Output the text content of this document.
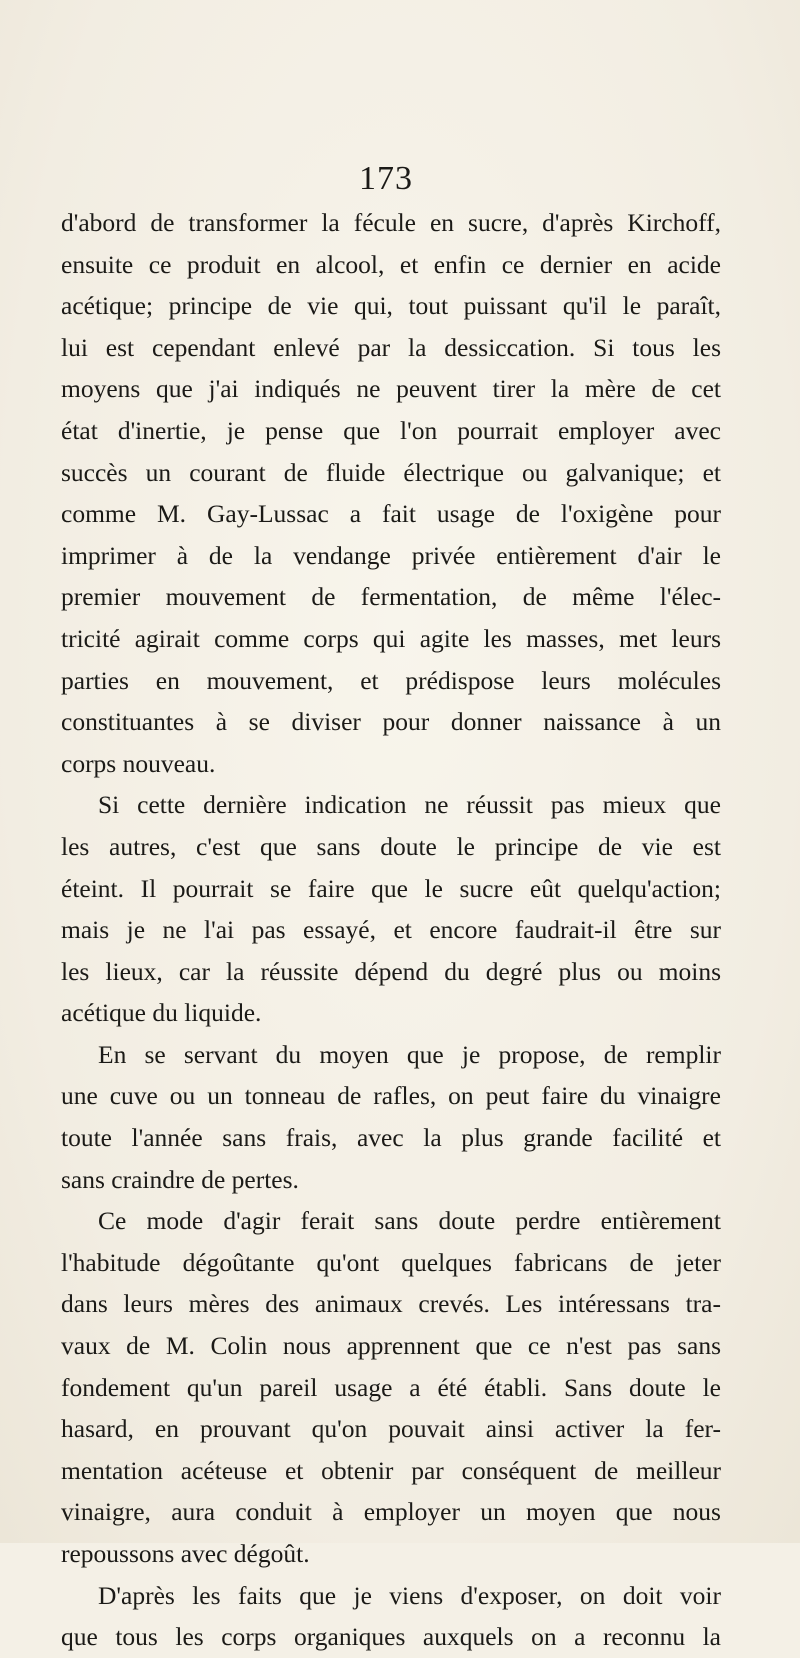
173
d'abord de transformer la fécule en sucre, d'après Kirchoff,
ensuite ce produit en alcool, et enfin ce dernier en acide
acétique; principe de vie qui, tout puissant qu'il le paraît,
lui est cependant enlevé par la dessiccation. Si tous les
moyens que j'ai indiqués ne peuvent tirer la mère de cet
état d'inertie, je pense que l'on pourrait employer avec
succès un courant de fluide électrique ou galvanique; et
comme M. Gay-Lussac a fait usage de l'oxigène pour
imprimer à de la vendange privée entièrement d'air le
premier mouvement de fermentation, de même l'élec-
tricité agirait comme corps qui agite les masses, met leurs
parties en mouvement, et prédispose leurs molécules
constituantes à se diviser pour donner naissance à un
corps nouveau.
Si cette dernière indication ne réussit pas mieux que
les autres, c'est que sans doute le principe de vie est
éteint. Il pourrait se faire que le sucre eût quelqu'action;
mais je ne l'ai pas essayé, et encore faudrait-il être sur
les lieux, car la réussite dépend du degré plus ou moins
acétique du liquide.
En se servant du moyen que je propose, de remplir
une cuve ou un tonneau de rafles, on peut faire du vinaigre
toute l'année sans frais, avec la plus grande facilité et
sans craindre de pertes.
Ce mode d'agir ferait sans doute perdre entièrement
l'habitude dégoûtante qu'ont quelques fabricans de jeter
dans leurs mères des animaux crevés. Les intéressans tra-
vaux de M. Colin nous apprennent que ce n'est pas sans
fondement qu'un pareil usage a été établi. Sans doute le
hasard, en prouvant qu'on pouvait ainsi activer la fer-
mentation acéteuse et obtenir par conséquent de meilleur
vinaigre, aura conduit à employer un moyen que nous
repoussons avec dégoût.
D'après les faits que je viens d'exposer, on doit voir
que tous les corps organiques auxquels on a reconnu la
